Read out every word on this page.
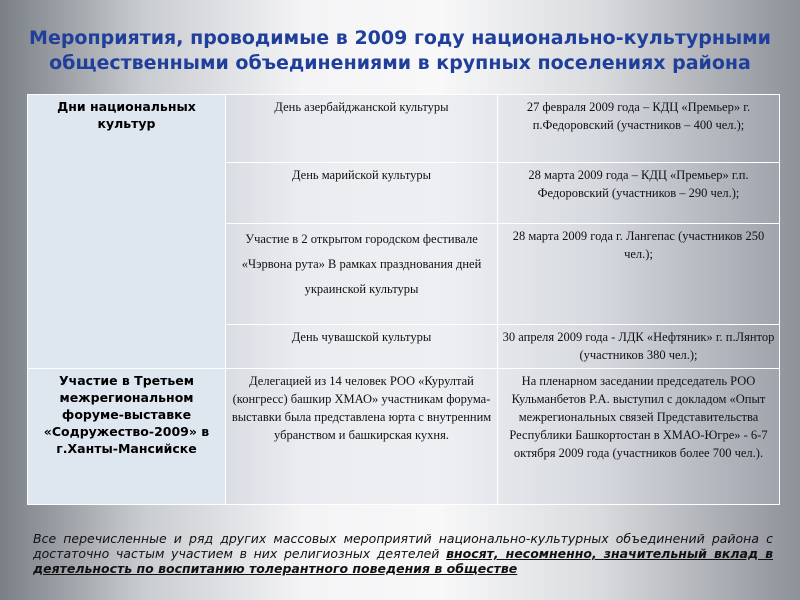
Мероприятия, проводимые в 2009 году национально-культурными
общественными объединениями в крупных поселениях района
Дни национальных культур	День азербайджанской культуры	27 февраля 2009 года – КДЦ «Премьер» г. п.Федоровский (участников – 400 чел.);
	День марийской культуры	28 марта 2009 года – КДЦ «Премьер» г.п. Федоровский (участников – 290 чел.);
	Участие в 2 открытом городском фестивале «Чэрвона рута» В рамках празднования дней украинской культуры	28 марта 2009 года г. Лангепас (участников 250 чел.);
	День чувашской культуры	30 апреля 2009 года - ЛДК «Нефтяник» г. п.Лянтор (участников 380 чел.);
Участие в Третьем межрегиональном форуме-выставке «Содружество-2009» в г.Ханты-Мансийске	Делегацией из 14 человек РОО «Курултай (конгресс) башкир ХМАО» участникам форума-выставки была представлена юрта с внутренним убранством и башкирская кухня.	На пленарном заседании председатель РОО Кульманбетов Р.А. выступил с докладом «Опыт межрегиональных связей Представительства Республики Башкортостан в ХМАО-Югре» - 6-7 октября 2009 года (участников более 700 чел.).
Все перечисленные и ряд других массовых мероприятий национально-культурных объединений района с достаточно частым участием в них религиозных деятелей вносят, несомненно, значительный вклад в деятельность по воспитанию толерантного поведения в обществе
